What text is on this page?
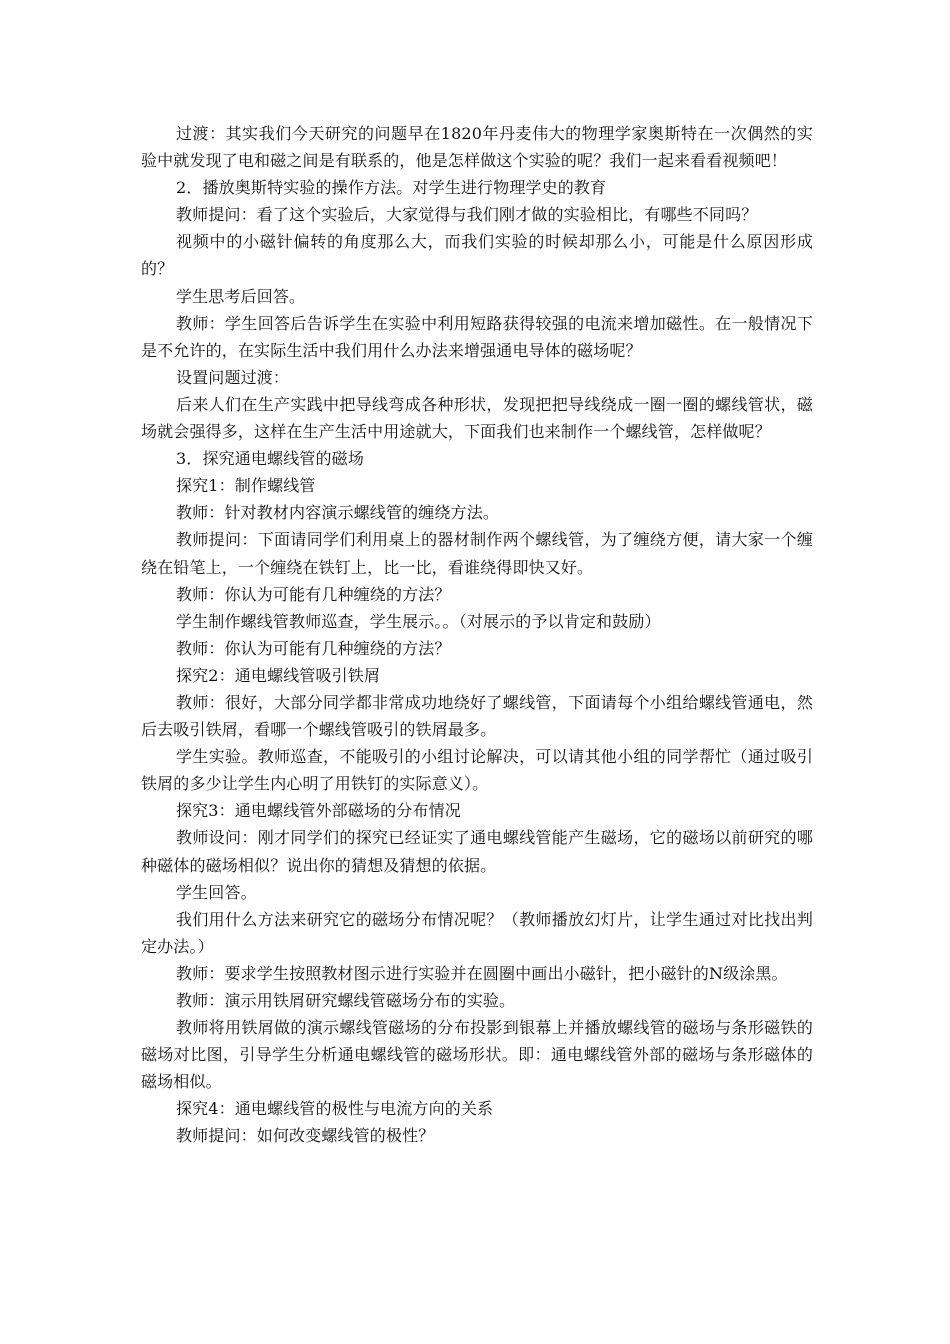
过渡：其实我们今天研究的问题早在1820年丹麦伟大的物理学家奥斯特在一次偶然的实验中就发现了电和磁之间是有联系的，他是怎样做这个实验的呢？我们一起来看看视频吧！

2．播放奥斯特实验的操作方法。对学生进行物理学史的教育

教师提问：看了这个实验后，大家觉得与我们刚才做的实验相比，有哪些不同吗？

视频中的小磁针偏转的角度那么大，而我们实验的时候却那么小，可能是什么原因形成的？

学生思考后回答。

教师：学生回答后告诉学生在实验中利用短路获得较强的电流来增加磁性。在一般情况下是不允许的，在实际生活中我们用什么办法来增强通电导体的磁场呢？

设置问题过渡：

后来人们在生产实践中把导线弯成各种形状，发现把把导线绕成一圈一圈的螺线管状，磁场就会强得多，这样在生产生活中用途就大，下面我们也来制作一个螺线管，怎样做呢？

3．探究通电螺线管的磁场

探究1：制作螺线管

教师：针对教材内容演示螺线管的缠绕方法。

教师提问：下面请同学们利用桌上的器材制作两个螺线管，为了缠绕方便，请大家一个缠绕在铅笔上，一个缠绕在铁钉上，比一比，看谁绕得即快又好。

教师：你认为可能有几种缠绕的方法？

学生制作螺线管教师巡查，学生展示。。（对展示的予以肯定和鼓励）

教师：你认为可能有几种缠绕的方法？

探究2：通电螺线管吸引铁屑

教师：很好，大部分同学都非常成功地绕好了螺线管，下面请每个小组给螺线管通电，然后去吸引铁屑，看哪一个螺线管吸引的铁屑最多。

学生实验。教师巡查，不能吸引的小组讨论解决，可以请其他小组的同学帮忙（通过吸引铁屑的多少让学生内心明了用铁钉的实际意义）。

探究3：通电螺线管外部磁场的分布情况

教师设问：刚才同学们的探究已经证实了通电螺线管能产生磁场，它的磁场以前研究的哪种磁体的磁场相似？说出你的猜想及猜想的依据。

学生回答。

我们用什么方法来研究它的磁场分布情况呢？（教师播放幻灯片，让学生通过对比找出判定办法。）

教师：要求学生按照教材图示进行实验并在圆圈中画出小磁针，把小磁针的N级涂黑。

教师：演示用铁屑研究螺线管磁场分布的实验。

教师将用铁屑做的演示螺线管磁场的分布投影到银幕上并播放螺线管的磁场与条形磁铁的磁场对比图，引导学生分析通电螺线管的磁场形状。即：通电螺线管外部的磁场与条形磁体的磁场相似。

探究4：通电螺线管的极性与电流方向的关系

教师提问：如何改变螺线管的极性？
